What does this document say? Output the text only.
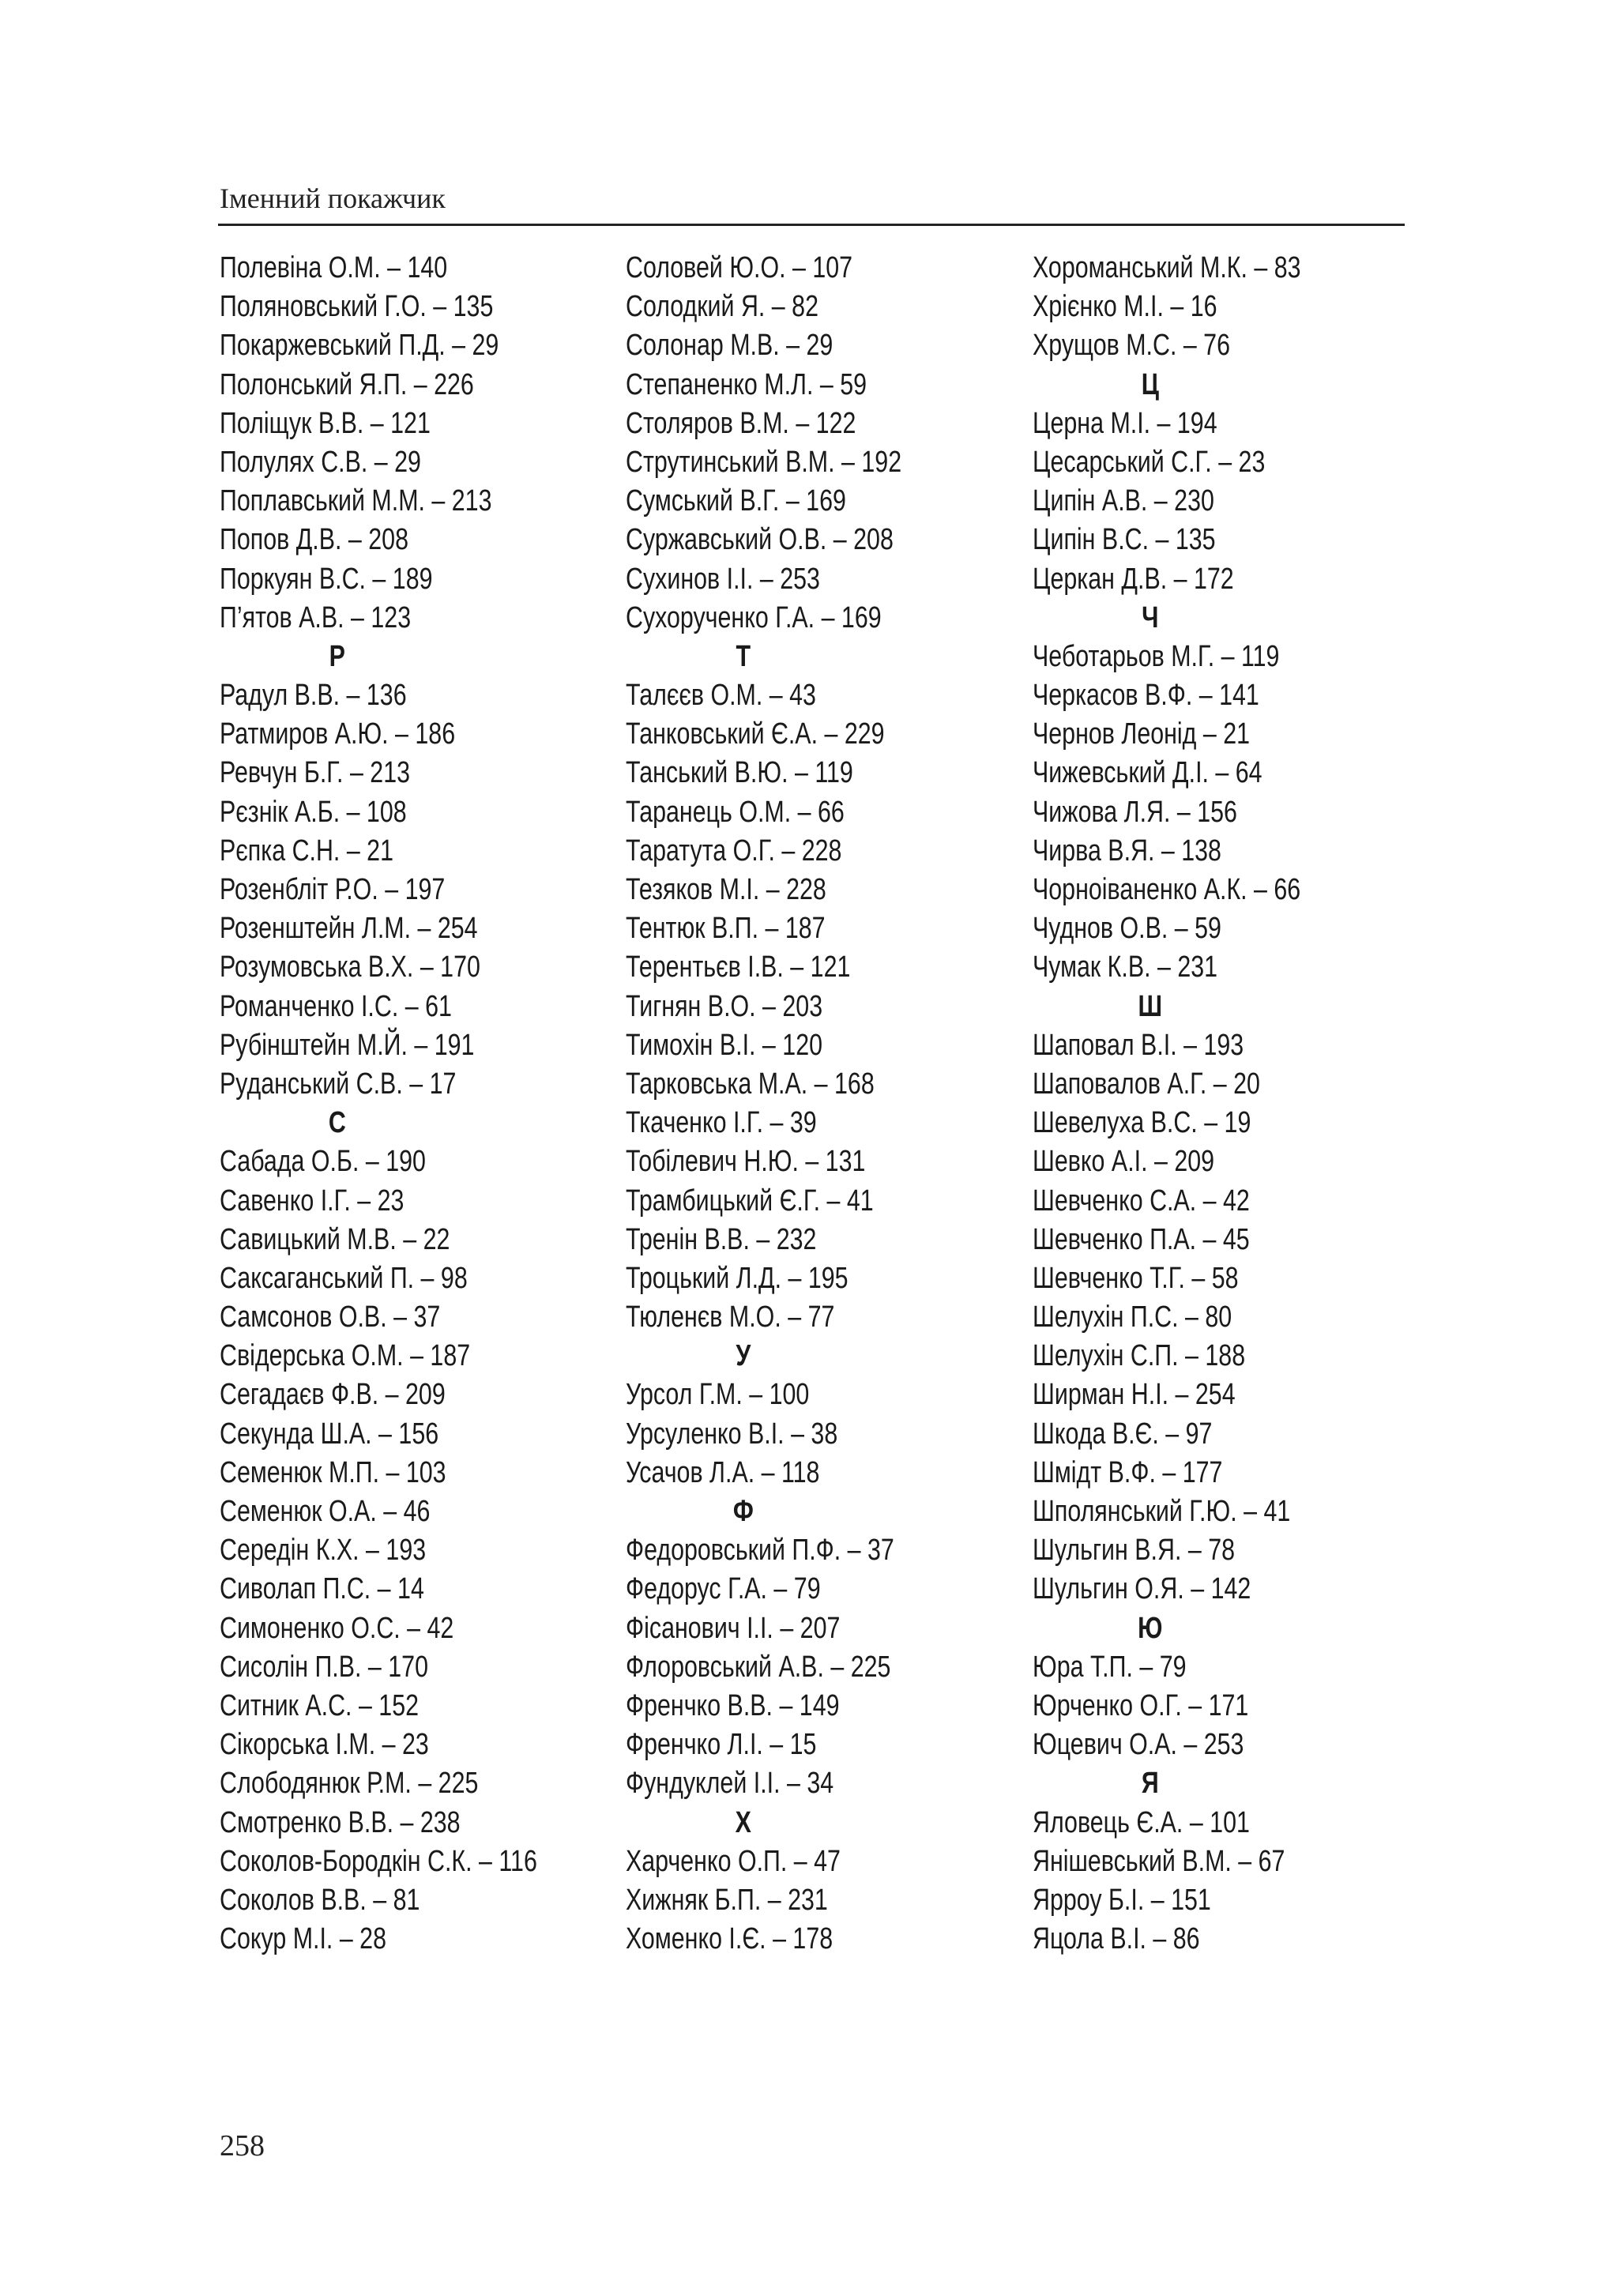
Іменний покажчик
Полевіна О.М. – 140
Поляновський Г.О. – 135
Покаржевський П.Д. – 29
Полонський Я.П. – 226
Поліщук В.В. – 121
Полулях С.В. – 29
Поплавський М.М. – 213
Попов Д.В. – 208
Поркуян В.С. – 189
П’ятов А.В. – 123
Р
Радул В.В. – 136
Ратмиров А.Ю. – 186
Ревчун Б.Г. – 213
Рєзнік А.Б. – 108
Рєпка С.Н. – 21
Розенбліт Р.О. – 197
Розенштейн Л.М. – 254
Розумовська В.Х. – 170
Романченко І.С. – 61
Рубінштейн М.Й. – 191
Руданський С.В. – 17
С
Сабада О.Б. – 190
Савенко І.Г. – 23
Савицький М.В. – 22
Саксаганський П. – 98
Самсонов О.В. – 37
Свідерська О.М. – 187
Сегадаєв Ф.В. – 209
Секунда Ш.А. – 156
Семенюк М.П. – 103
Семенюк О.А. – 46
Середін К.Х. – 193
Сиволап П.С. – 14
Симоненко О.С. – 42
Сисолін П.В. – 170
Ситник А.С. – 152
Сікорська І.М. – 23
Слободянюк Р.М. – 225
Смотренко В.В. – 238
Соколов-Бородкін С.К. – 116
Соколов В.В. – 81
Сокур М.І. – 28
Соловей Ю.О. – 107
Солодкий Я. – 82
Солонар М.В. – 29
Степаненко М.Л. – 59
Столяров В.М. – 122
Струтинський В.М. – 192
Сумський В.Г. – 169
Суржавський О.В. – 208
Сухинов І.І. – 253
Сухорученко Г.А. – 169
Т
Талєєв О.М. – 43
Танковський Є.А. – 229
Танський В.Ю. – 119
Таранець О.М. – 66
Таратута О.Г. – 228
Тезяков М.І. – 228
Тентюк В.П. – 187
Терентьєв І.В. – 121
Тигнян В.О. – 203
Тимохін В.І. – 120
Тарковська М.А. – 168
Ткаченко І.Г. – 39
Тобілевич Н.Ю. – 131
Трамбицький Є.Г. – 41
Тренін В.В. – 232
Троцький Л.Д. – 195
Тюленєв М.О. – 77
У
Урсол Г.М. – 100
Урсуленко В.І. – 38
Усачов Л.А. – 118
Ф
Федоровський П.Ф. – 37
Федорус Г.А. – 79
Фісанович І.І. – 207
Флоровський А.В. – 225
Френчко В.В. – 149
Френчко Л.І. – 15
Фундуклей І.І. – 34
Х
Харченко О.П. – 47
Хижняк Б.П. – 231
Хоменко І.Є. – 178
Хороманський М.К. – 83
Хрієнко М.І. – 16
Хрущов М.С. – 76
Ц
Церна М.І. – 194
Цесарський С.Г. – 23
Ципін А.В. – 230
Ципін В.С. – 135
Церкан Д.В. – 172
Ч
Чеботарьов М.Г. – 119
Черкасов В.Ф. – 141
Чернов Леонід – 21
Чижевський Д.І. – 64
Чижова Л.Я. – 156
Чирва В.Я. – 138
Чорноіваненко А.К. – 66
Чуднов О.В. – 59
Чумак К.В. – 231
Ш
Шаповал В.І. – 193
Шаповалов А.Г. – 20
Шевелуха В.С. – 19
Шевко А.І. – 209
Шевченко С.А. – 42
Шевченко П.А. – 45
Шевченко Т.Г. – 58
Шелухін П.С. – 80
Шелухін С.П. – 188
Ширман Н.І. – 254
Шкода В.Є. – 97
Шмідт В.Ф. – 177
Шполянський Г.Ю. – 41
Шульгин В.Я. – 78
Шульгин О.Я. – 142
Ю
Юра Т.П. – 79
Юрченко О.Г. – 171
Юцевич О.А. – 253
Я
Яловець Є.А. – 101
Янішевський В.М. – 67
Ярроу Б.І. – 151
Яцола В.І. – 86
258
